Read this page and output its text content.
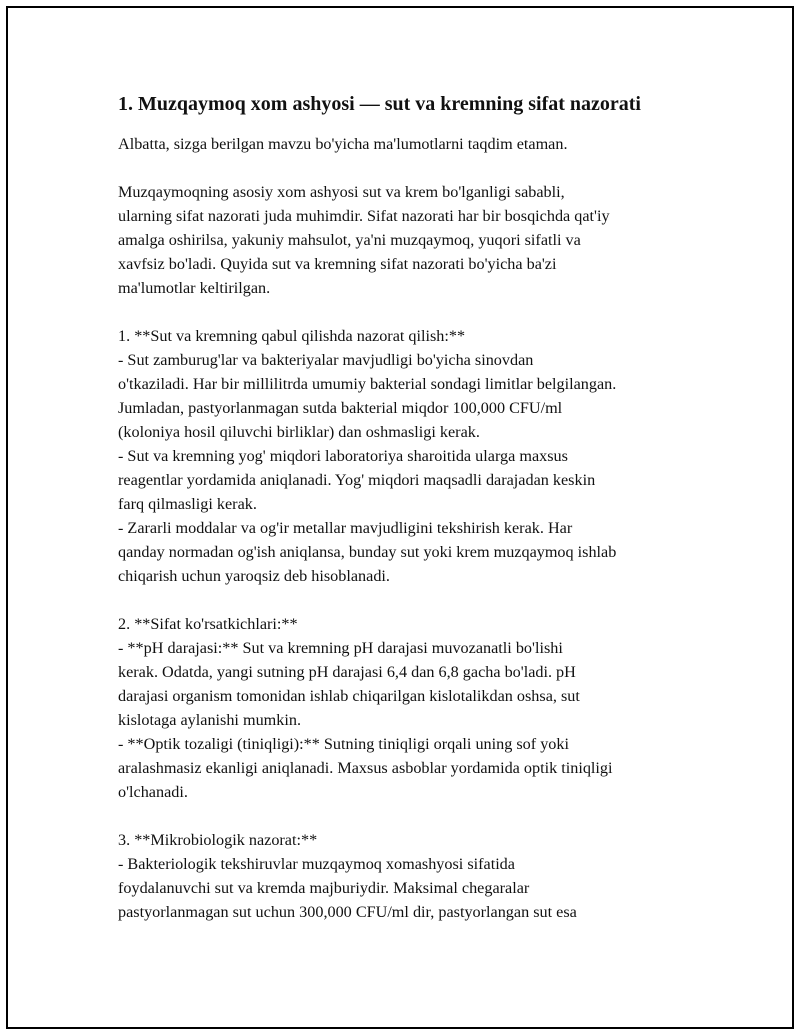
1. Muzqaymoq xom ashyosi — sut va kremning sifat nazorati

Albatta, sizga berilgan mavzu bo'yicha ma'lumotlarni taqdim etaman.

Muzqaymoqning asosiy xom ashyosi sut va krem bo'lganligi sababli,
ularning sifat nazorati juda muhimdir. Sifat nazorati har bir bosqichda qat'iy
amalga oshirilsa, yakuniy mahsulot, ya'ni muzqaymoq, yuqori sifatli va
xavfsiz bo'ladi. Quyida sut va kremning sifat nazorati bo'yicha ba'zi
ma'lumotlar keltirilgan.

1. **Sut va kremning qabul qilishda nazorat qilish:**
- Sut zamburug'lar va bakteriyalar mavjudligi bo'yicha sinovdan
o'tkaziladi. Har bir millilitrda umumiy bakterial sondagi limitlar belgilangan.
Jumladan, pastyorlanmagan sutda bakterial miqdor 100,000 CFU/ml
(koloniya hosil qiluvchi birliklar) dan oshmasligi kerak.
- Sut va kremning yog' miqdori laboratoriya sharoitida ularga maxsus
reagentlar yordamida aniqlanadi. Yog' miqdori maqsadli darajadan keskin
farq qilmasligi kerak.
- Zararli moddalar va og'ir metallar mavjudligini tekshirish kerak. Har
qanday normadan og'ish aniqlansa, bunday sut yoki krem muzqaymoq ishlab
chiqarish uchun yaroqsiz deb hisoblanadi.

2. **Sifat ko'rsatkichlari:**
- **pH darajasi:** Sut va kremning pH darajasi muvozanatli bo'lishi
kerak. Odatda, yangi sutning pH darajasi 6,4 dan 6,8 gacha bo'ladi. pH
darajasi organism tomonidan ishlab chiqarilgan kislotalikdan oshsa, sut
kislotaga aylanishi mumkin.
- **Optik tozaligi (tiniqligi):** Sutning tiniqligi orqali uning sof yoki
aralashmasiz ekanligi aniqlanadi. Maxsus asboblar yordamida optik tiniqligi
o'lchanadi.

3. **Mikrobiologik nazorat:**
- Bakteriologik tekshiruvlar muzqaymoq xomashyosi sifatida
foydalanuvchi sut va kremda majburiydir. Maksimal chegaralar
pastyorlanmagan sut uchun 300,000 CFU/ml dir, pastyorlangan sut esa
